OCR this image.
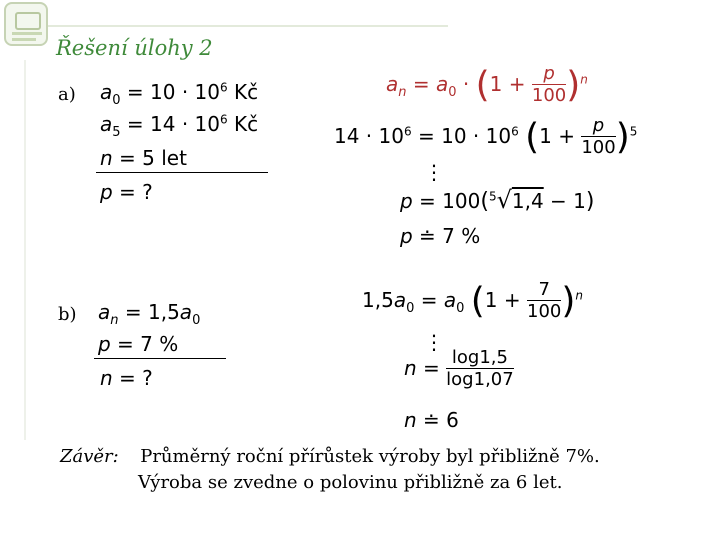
Řešení úlohy 2
a) $a_0 = 10 \cdot 10^6$ Kč
$a_5 = 14 \cdot 10^6$ Kč
n = 5 let
p = ?
$a_n = a_0 \cdot (1 + \frac{p}{100} )^n$
$14 \cdot 10^6 = 10 \cdot 10^6$ $(1 + \frac{p}{100} )^5$
⋮
p = 100($^5$√1,4 − 1)
p ≐ 7 %
b) $a_n = 1,5a_0$
p = 7 %
n = ?
$1,5a_0 = a_0$ $(1 + \frac{7}{100} )^n$
⋮
$n = \frac{\log 1,5}{\log 1,07}$
n ≐ 6
Závěr: Průměrný roční přírůstek výroby byl přibližně 7%.
Výroba se zvedne o polovinu přibližně za 6 let.
